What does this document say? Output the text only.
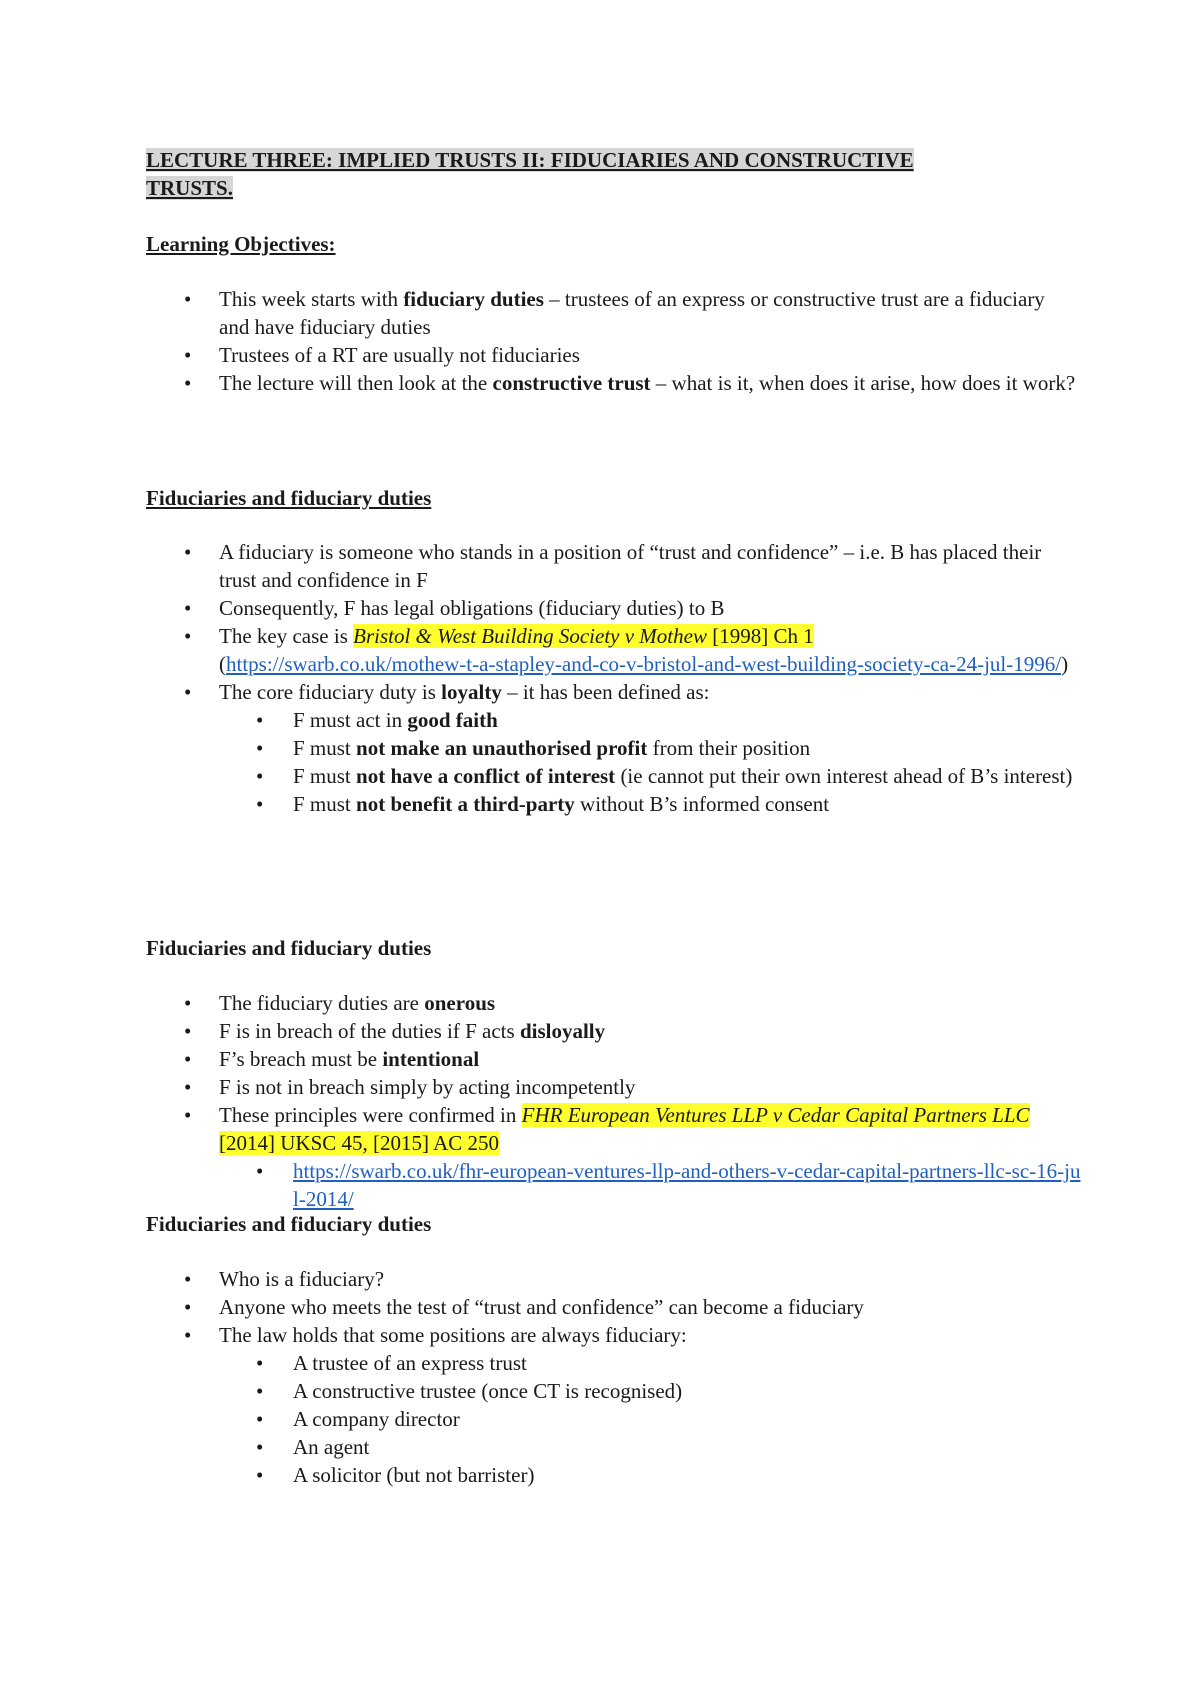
LECTURE THREE: IMPLIED TRUSTS II: FIDUCIARIES AND CONSTRUCTIVE
TRUSTS.
Learning Objectives:
• This week starts with fiduciary duties – trustees of an express or constructive trust are a fiduciary and have fiduciary duties
• Trustees of a RT are usually not fiduciaries
• The lecture will then look at the constructive trust – what is it, when does it arise, how does it work?
Fiduciaries and fiduciary duties
• A fiduciary is someone who stands in a position of “trust and confidence” – i.e. B has placed their trust and confidence in F
• Consequently, F has legal obligations (fiduciary duties) to B
• The key case is Bristol & West Building Society v Mothew [1998] Ch 1
(https://swarb.co.uk/mothew-t-a-stapley-and-co-v-bristol-and-west-building-society-ca-24-jul-1996/)
• The core fiduciary duty is loyalty – it has been defined as:
• F must act in good faith
• F must not make an unauthorised profit from their position
• F must not have a conflict of interest (ie cannot put their own interest ahead of B’s interest)
• F must not benefit a third-party without B’s informed consent
Fiduciaries and fiduciary duties
• The fiduciary duties are onerous
• F is in breach of the duties if F acts disloyally
• F’s breach must be intentional
• F is not in breach simply by acting incompetently
• These principles were confirmed in FHR European Ventures LLP v Cedar Capital Partners LLC [2014] UKSC 45, [2015] AC 250
• https://swarb.co.uk/fhr-european-ventures-llp-and-others-v-cedar-capital-partners-llc-sc-16-jul-2014/
Fiduciaries and fiduciary duties
• Who is a fiduciary?
• Anyone who meets the test of “trust and confidence” can become a fiduciary
• The law holds that some positions are always fiduciary:
• A trustee of an express trust
• A constructive trustee (once CT is recognised)
• A company director
• An agent
• A solicitor (but not barrister)
